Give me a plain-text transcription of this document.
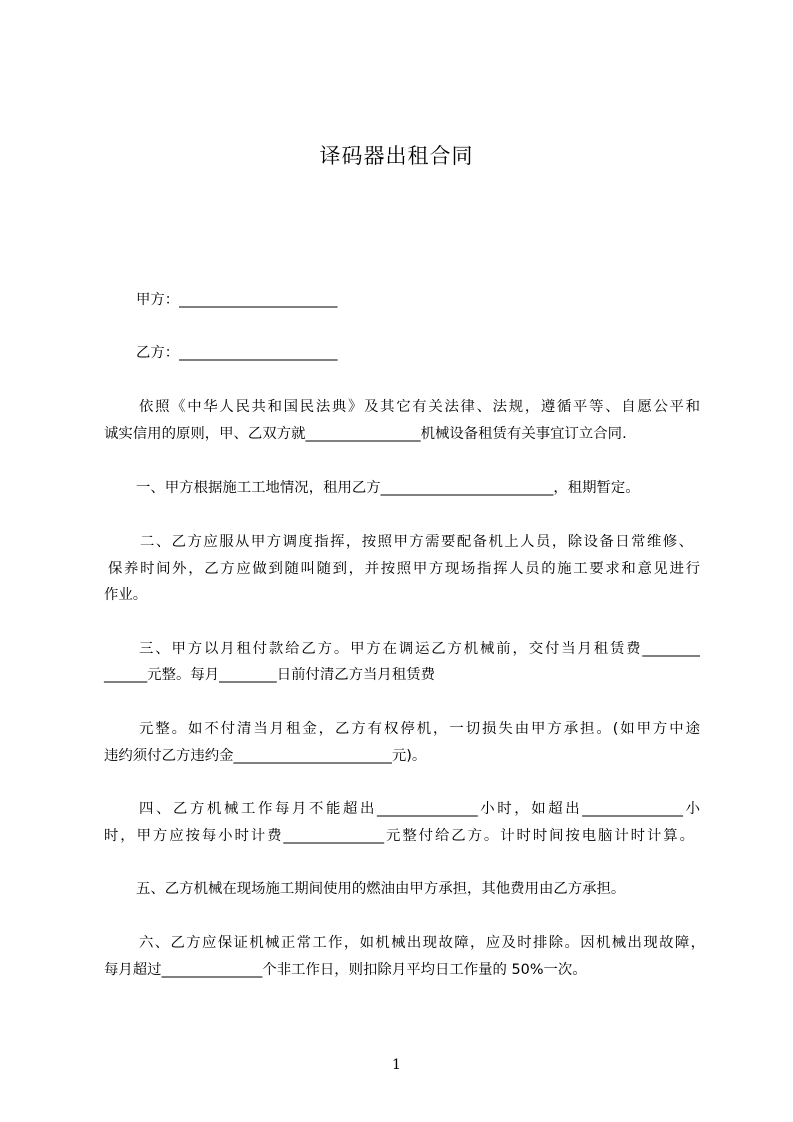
译码器出租合同
甲方：______________________
乙方：______________________
依照《中华人民共和国民法典》及其它有关法律、法规，遵循平等、自愿公平和
诚实信用的原则，甲、乙双方就________________机械设备租赁有关事宜订立合同.
一、甲方根据施工工地情况，租用乙方________________________，租期暂定。
二、乙方应服从甲方调度指挥，按照甲方需要配备机上人员，除设备日常维修、
保养时间外，乙方应做到随叫随到，并按照甲方现场指挥人员的施工要求和意见进行
作业。
三、甲方以月租付款给乙方。甲方在调运乙方机械前，交付当月租赁费________
______元整。每月________日前付清乙方当月租赁费
元整。如不付清当月租金，乙方有权停机，一切损失由甲方承担。(如甲方中途
违约须付乙方违约金______________________元)。
四、乙方机械工作每月不能超出______________小时，如超出______________小
时，甲方应按每小时计费______________元整付给乙方。计时时间按电脑计时计算。
五、乙方机械在现场施工期间使用的燃油由甲方承担，其他费用由乙方承担。
六、乙方应保证机械正常工作，如机械出现故障，应及时排除。因机械出现故障，
每月超过______________个非工作日，则扣除月平均日工作量的 50%一次。
1
